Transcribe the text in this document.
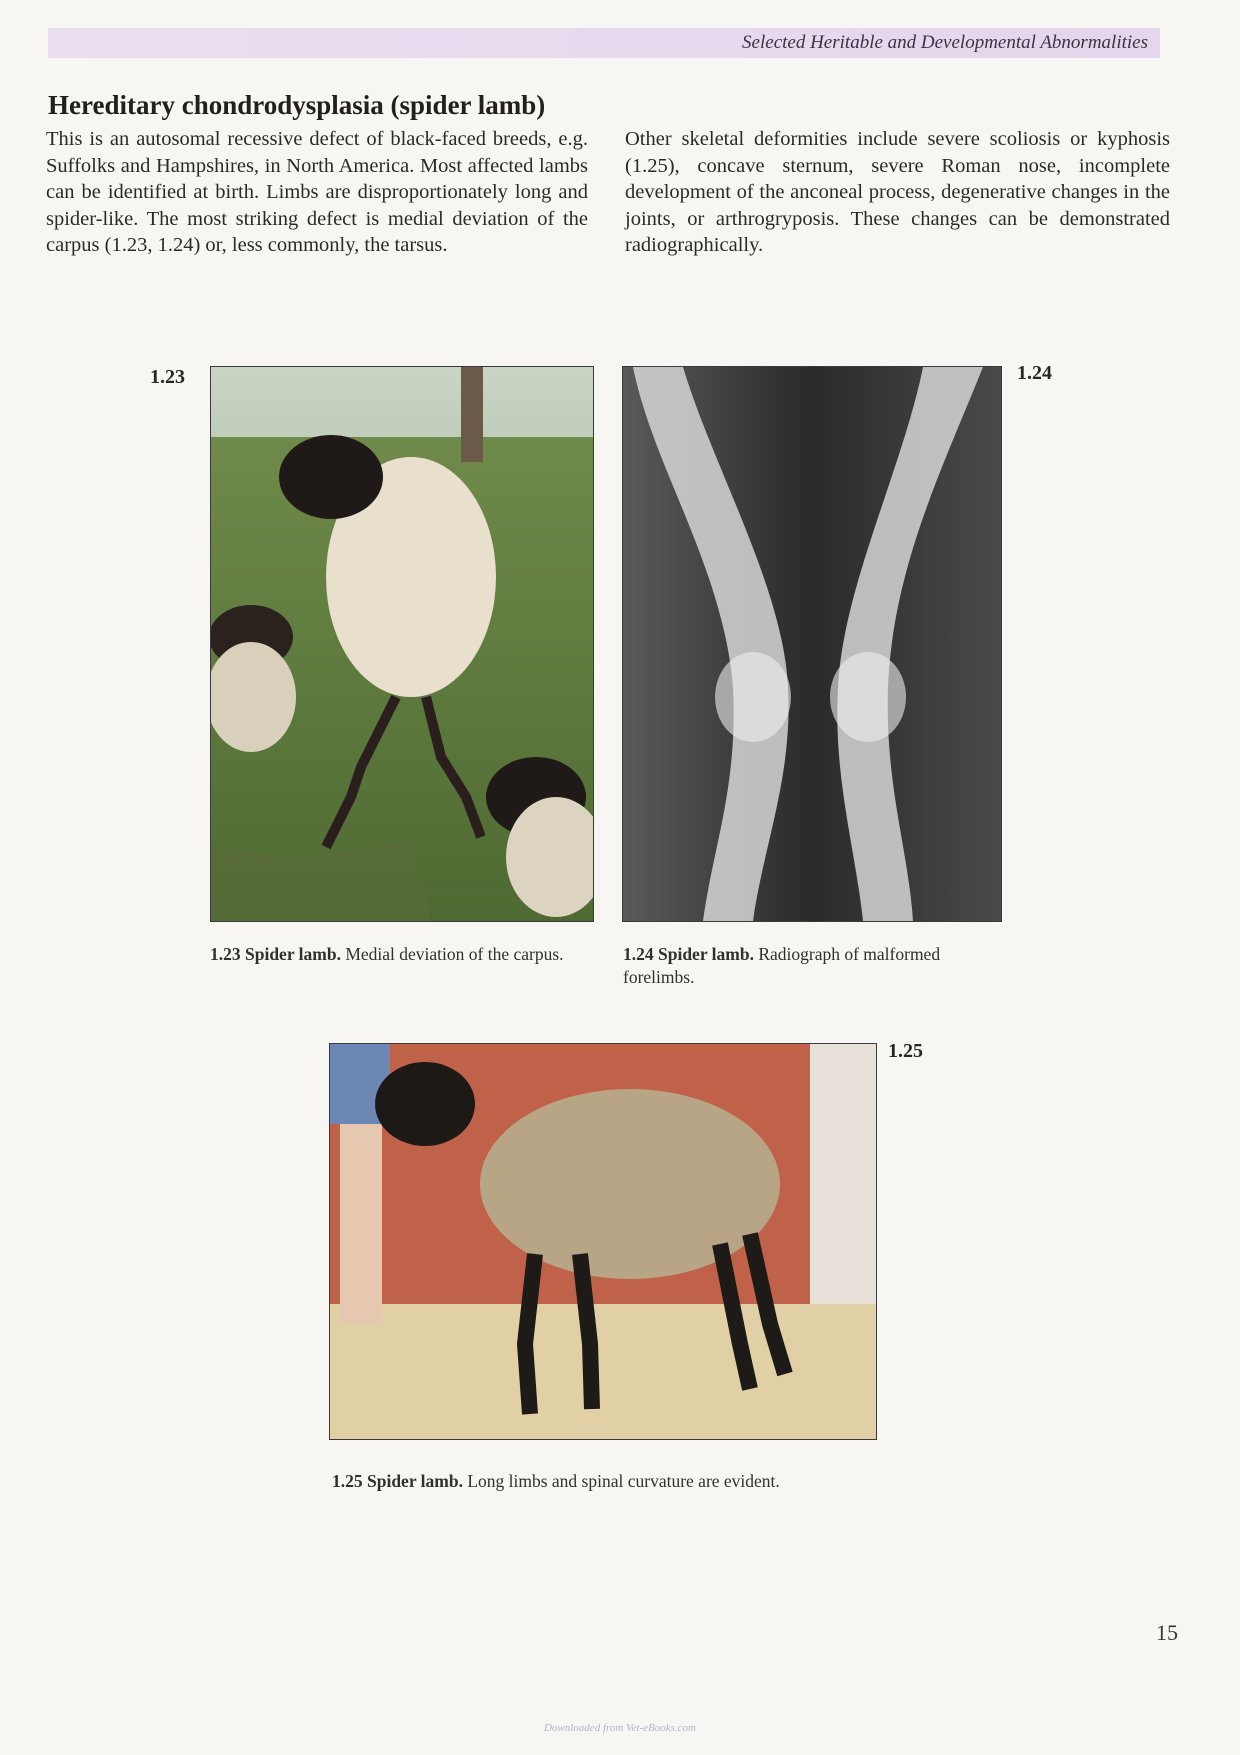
Selected Heritable and Developmental Abnormalities
Hereditary chondrodysplasia (spider lamb)
This is an autosomal recessive defect of black-faced breeds, e.g. Suffolks and Hampshires, in North America. Most affected lambs can be identified at birth. Limbs are disproportionately long and spider-like. The most striking defect is medial deviation of the carpus (1.23, 1.24) or, less commonly, the tarsus.
Other skeletal deformities include severe scoliosis or kyphosis (1.25), concave sternum, severe Roman nose, incomplete development of the anconeal process, degenerative changes in the joints, or arthrogryposis. These changes can be demonstrated radiographically.
1.23
1.23 Spider lamb. Medial deviation of the carpus.
1.24
1.24 Spider lamb. Radiograph of malformed forelimbs.
1.25
1.25 Spider lamb. Long limbs and spinal curvature are evident.
15
Downloaded from Vet-eBooks.com
